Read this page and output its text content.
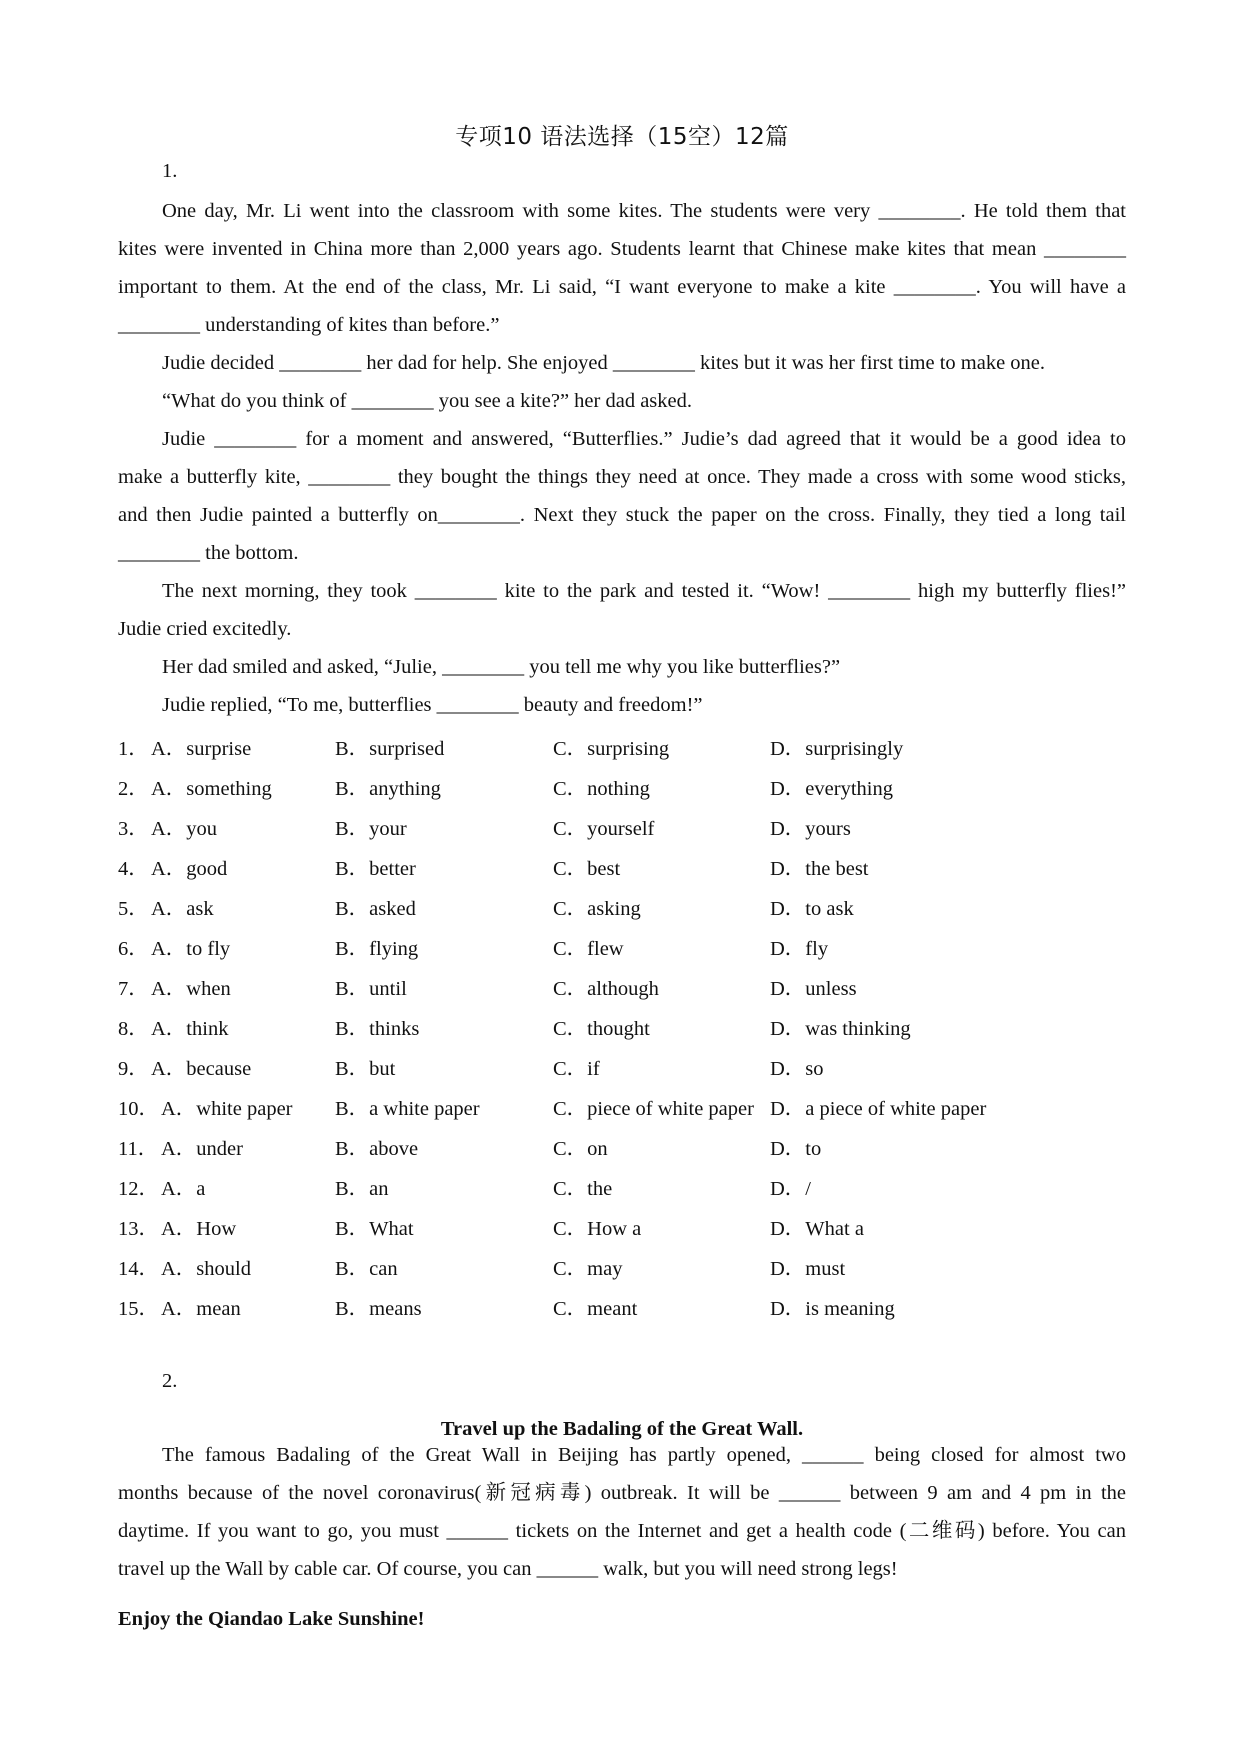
专项10 语法选择（15空）12篇
1.
One day, Mr. Li went into the classroom with some kites. The students were very ________. He told them that
kites were invented in China more than 2,000 years ago. Students learnt that Chinese make kites that mean ________
important to them. At the end of the class, Mr. Li said, “I want everyone to make a kite ________. You will have a
________ understanding of kites than before.”
Judie decided ________ her dad for help. She enjoyed ________ kites but it was her first time to make one.
“What do you think of ________ you see a kite?” her dad asked.
Judie ________ for a moment and answered, “Butterflies.” Judie’s dad agreed that it would be a good idea to
make a butterfly kite, ________ they bought the things they need at once. They made a cross with some wood sticks,
and then Judie painted a butterfly on________. Next they stuck the paper on the cross. Finally, they tied a long tail
________ the bottom.
The next morning, they took ________ kite to the park and tested it. “Wow! ________ high my butterfly flies!”
Judie cried excitedly.
Her dad smiled and asked, “Julie, ________ you tell me why you like butterflies?”
Judie replied, “To me, butterflies ________ beauty and freedom!”
1． A．surprise	B．surprised	C．surprising	D．surprisingly
2． A．something	B．anything	C．nothing	D．everything
3． A．you	B．your	C．yourself	D．yours
4． A．good	B．better	C．best	D．the best
5． A．ask	B．asked	C．asking	D．to ask
6． A．to fly	B．flying	C．flew	D．fly
7． A．when	B．until	C．although	D．unless
8． A．think	B．thinks	C．thought	D．was thinking
9． A．because	B．but	C．if	D．so
10． A．white paper B．a white paper	C．piece of white paper D．a piece of white paper
11． A．under	B．above	C．on	D．to
12． A．a	B．an	C．the	D．/
13． A．How	B．What	C．How a	D．What a
14． A．should	B．can	C．may	D．must
15． A．mean	B．means	C．meant	D．is meaning
2.
Travel up the Badaling of the Great Wall.
The famous Badaling of the Great Wall in Beijing has partly opened, ______ being closed for almost two
months because of the novel coronavirus(新冠病毒) outbreak. It will be ______ between 9 am and 4 pm in the
daytime. If you want to go, you must ______ tickets on the Internet and get a health code (二维码) before. You can
travel up the Wall by cable car. Of course, you can ______ walk, but you will need strong legs!
Enjoy the Qiandao Lake Sunshine!
